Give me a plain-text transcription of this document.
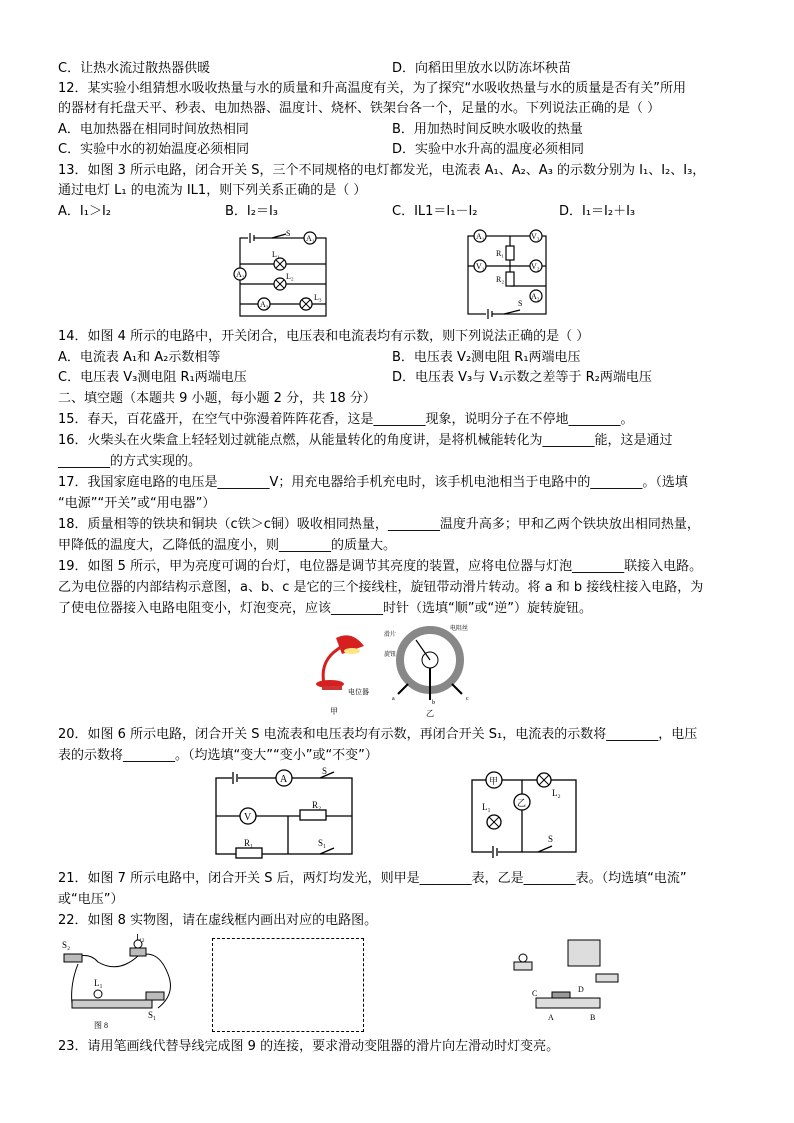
C．让热水流过散热器供暖	D．向稻田里放水以防冻坏秧苗
12．某实验小组猜想水吸收热量与水的质量和升高温度有关，为了探究“水吸收热量与水的质量是否有关”所用
的器材有托盘天平、秒表、电加热器、温度计、烧杯、铁架台各一个，足量的水。下列说法正确的是（ ）
A．电加热器在相同时间放热相同	B．用加热时间反映水吸收的热量
C．实验中水的初始温度必须相同	D．实验中水升高的温度必须相同
13．如图 3 所示电路，闭合开关 S，三个不同规格的电灯都发光，电流表 A₁、A₂、A₃ 的示数分别为 I₁、I₂、I₃，
通过电灯 L₁ 的电流为 IL1，则下列关系正确的是（ ）
A．I₁＞I₂	B．I₂＝I₃	C．IL1＝I₁－I₂	D．I₁＝I₂＋I₃
S
A₁
A₂
A₃
L₁
L₂
L₃
A₁	V₃
V₁	V₂
A₂
R₁
R₂
S
14．如图 4 所示的电路中，开关闭合，电压表和电流表均有示数，则下列说法正确的是（ ）
A．电流表 A₁和 A₂示数相等	B．电压表 V₂测电阻 R₁两端电压
C．电压表 V₃测电阻 R₁两端电压	D．电压表 V₃与 V₁示数之差等于 R₂两端电压
二、填空题（本题共 9 小题，每小题 2 分，共 18 分）
15．春天，百花盛开，在空气中弥漫着阵阵花香，这是________现象，说明分子在不停地________。
16．火柴头在火柴盒上轻轻划过就能点燃，从能量转化的角度讲，是将机械能转化为________能，这是通过
________的方式实现的。
17．我国家庭电路的电压是________V；用充电器给手机充电时，该手机电池相当于电路中的________。（选填
“电源”“开关”或“用电器”）
18．质量相等的铁块和铜块（c铁＞c铜）吸收相同热量，________温度升高多；甲和乙两个铁块放出相同热量，
甲降低的温度大，乙降低的温度小，则________的质量大。
19．如图 5 所示，甲为亮度可调的台灯，电位器是调节其亮度的装置，应将电位器与灯泡________联接入电路。
乙为电位器的内部结构示意图，a、b、c 是它的三个接线柱，旋钮带动滑片转动。将 a 和 b 接线柱接入电路，为
了使电位器接入电路电阻变小，灯泡变亮，应该________时针（选填“顺”或“逆”）旋转旋钮。
电位器
甲
滑片
旋钮
电阻丝
a
b
c
乙
20．如图 6 所示电路，闭合开关 S 电流表和电压表均有示数，再闭合开关 S₁，电流表的示数将________，电压
表的示数将________。（均选填“变大”“变小”或“不变”）
A
V
S
R₂
R₁	S₁
甲
乙
L₂
L₁
S
21．如图 7 所示电路中，闭合开关 S 后，两灯均发光，则甲是________表，乙是________表。（均选填“电流”
或“电压”）
22．如图 8 实物图，请在虚线框内画出对应的电路图。
S₂
L₂
L₁
S₁
图 8
C	D
A	B
23．请用笔画线代替导线完成图 9 的连接，要求滑动变阻器的滑片向左滑动时灯变亮。
